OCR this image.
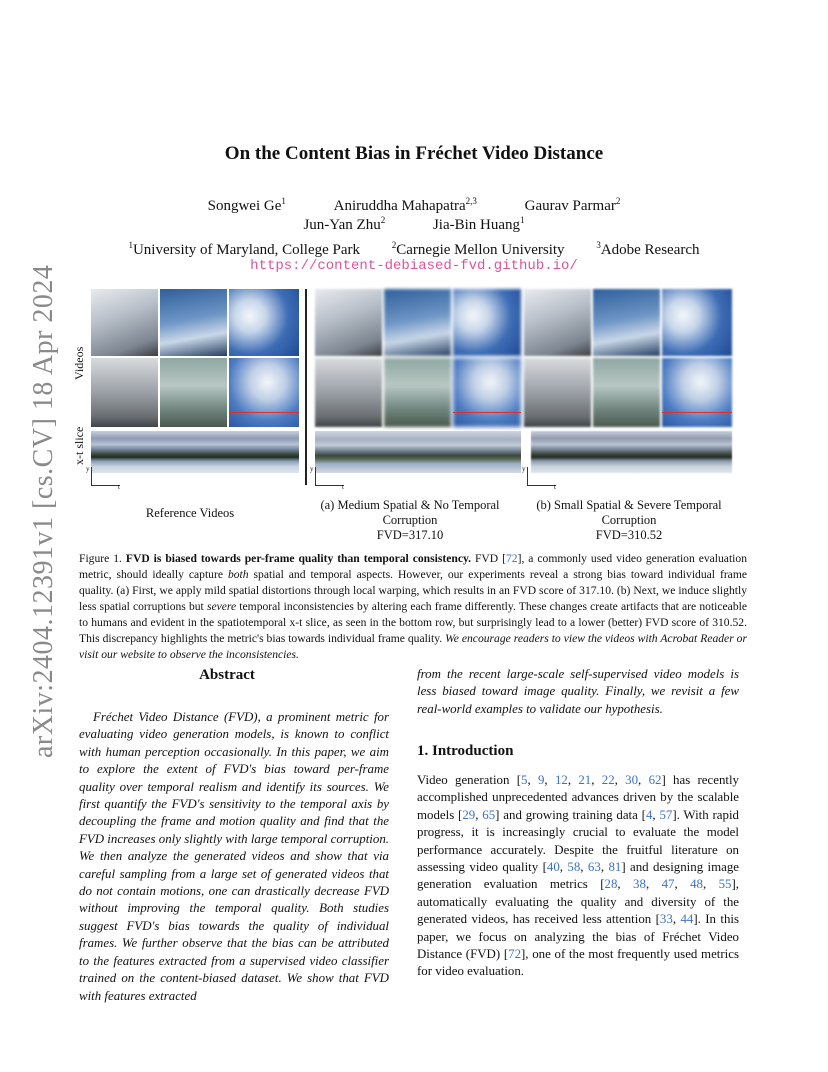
arXiv:2404.12391v1 [cs.CV] 18 Apr 2024
On the Content Bias in Fréchet Video Distance
Songwei Ge$^1$	Aniruddha Mahapatra$^{2,3}$	Gaurav Parmar$^2$
Jun-Yan Zhu$^2$	Jia-Bin Huang$^1$
$^1$University of Maryland, College Park	$^2$Carnegie Mellon University	$^3$Adobe Research
https://content-debiased-fvd.github.io/
Videos
x-t slice
t
y
t
y
t
y
Reference Videos
(a) Medium Spatial & No Temporal
Corruption
FVD=317.10
(b) Small Spatial & Severe Temporal
Corruption
FVD=310.52
Figure 1. FVD is biased towards per-frame quality than temporal consistency. FVD [72], a commonly used video generation evaluation metric, should ideally capture both spatial and temporal aspects. However, our experiments reveal a strong bias toward individual frame quality. (a) First, we apply mild spatial distortions through local warping, which results in an FVD score of 317.10. (b) Next, we induce slightly less spatial corruptions but severe temporal inconsistencies by altering each frame differently. These changes create artifacts that are noticeable to humans and evident in the spatiotemporal x-t slice, as seen in the bottom row, but surprisingly lead to a lower (better) FVD score of 310.52. This discrepancy highlights the metric's bias towards individual frame quality. We encourage readers to view the videos with Acrobat Reader or visit our website to observe the inconsistencies.
Abstract
Fréchet Video Distance (FVD), a prominent metric for evaluating video generation models, is known to conflict with human perception occasionally. In this paper, we aim to explore the extent of FVD's bias toward per-frame quality over temporal realism and identify its sources. We first quantify the FVD's sensitivity to the temporal axis by decoupling the frame and motion quality and find that the FVD increases only slightly with large temporal corruption. We then analyze the generated videos and show that via careful sampling from a large set of generated videos that do not contain motions, one can drastically decrease FVD without improving the temporal quality. Both studies suggest FVD's bias towards the quality of individual frames. We further observe that the bias can be attributed to the features extracted from a supervised video classifier trained on the content-biased dataset. We show that FVD with features extracted
from the recent large-scale self-supervised video models is less biased toward image quality. Finally, we revisit a few real-world examples to validate our hypothesis.
1. Introduction
Video generation [5, 9, 12, 21, 22, 30, 62] has recently accomplished unprecedented advances driven by the scalable models [29, 65] and growing training data [4, 57]. With rapid progress, it is increasingly crucial to evaluate the model performance accurately. Despite the fruitful literature on assessing video quality [40, 58, 63, 81] and designing image generation evaluation metrics [28, 38, 47, 48, 55], automatically evaluating the quality and diversity of the generated videos, has received less attention [33, 44]. In this paper, we focus on analyzing the bias of Fréchet Video Distance (FVD) [72], one of the most frequently used metrics for video evaluation.
